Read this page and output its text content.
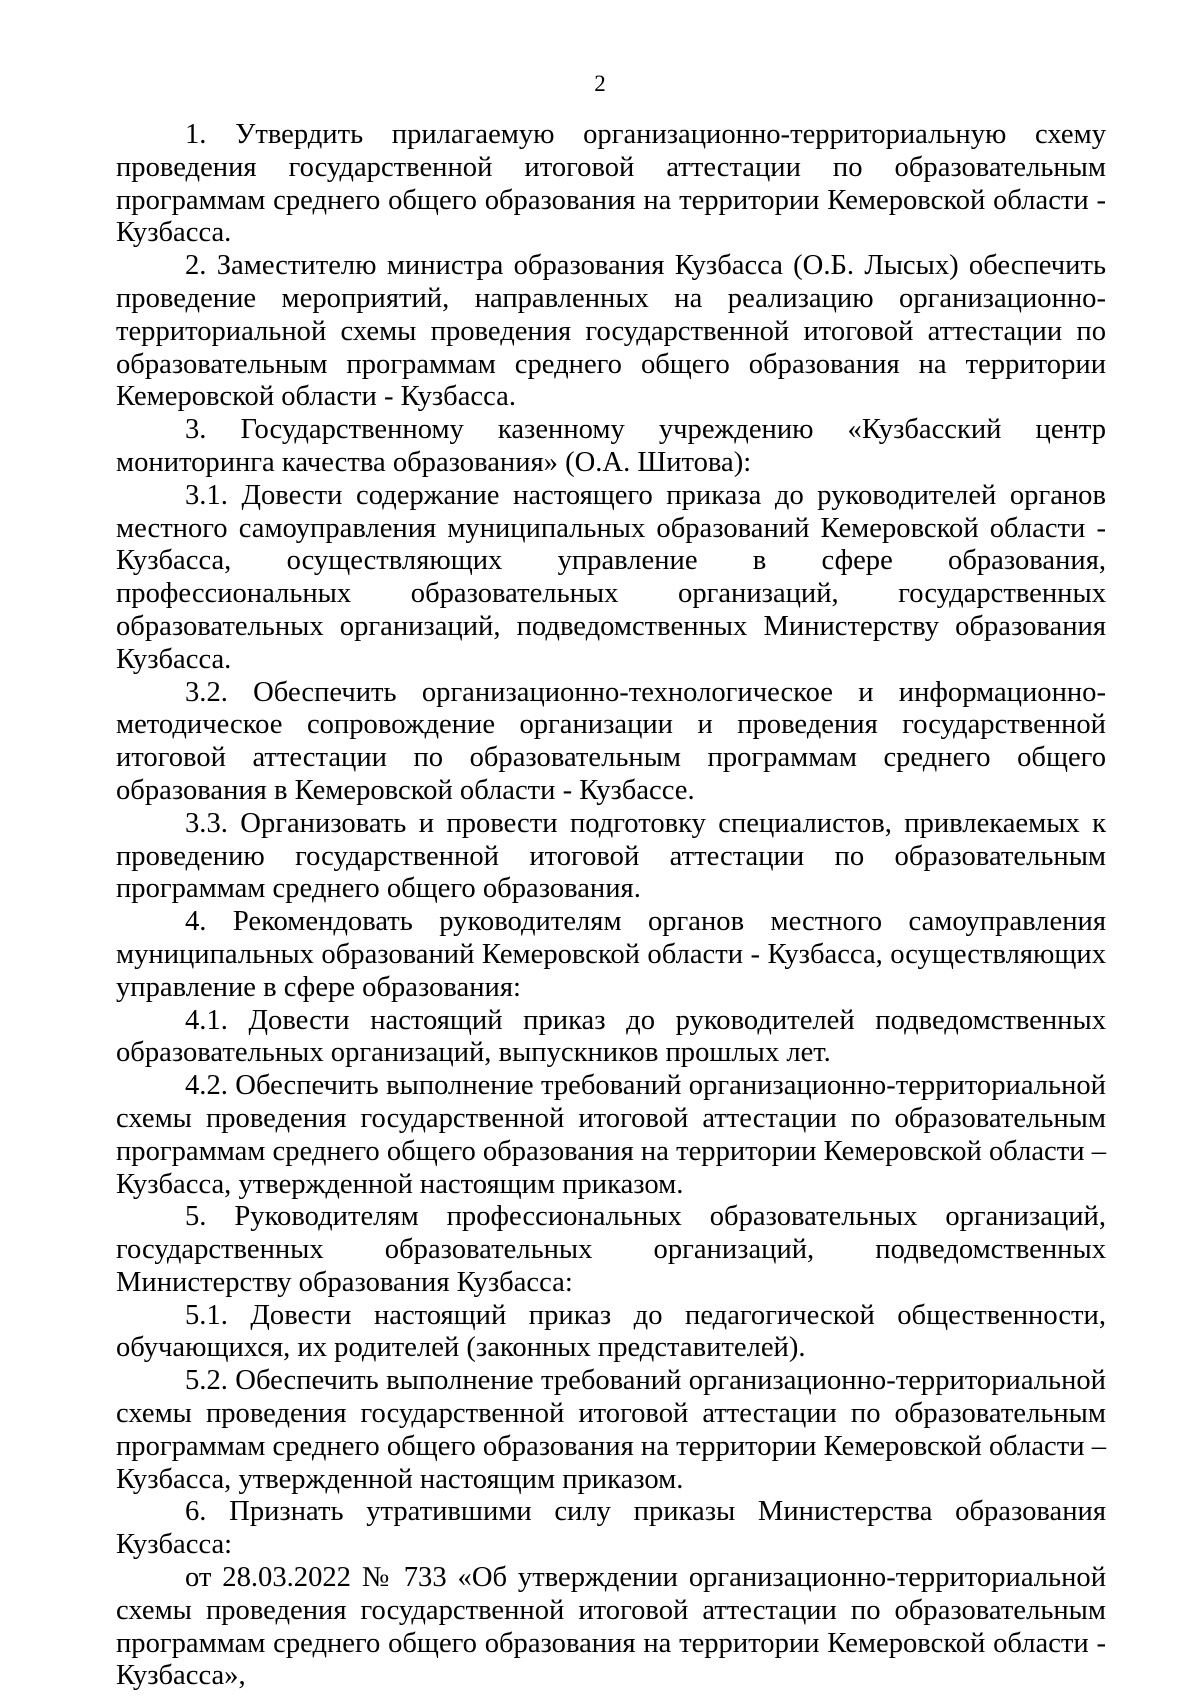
2

1. Утвердить прилагаемую организационно-территориальную схему проведения государственной итоговой аттестации по образовательным программам среднего общего образования на территории Кемеровской области - Кузбасса.

2. Заместителю министра образования Кузбасса (О.Б. Лысых) обеспечить проведение мероприятий, направленных на реализацию организационно-территориальной схемы проведения государственной итоговой аттестации по образовательным программам среднего общего образования на территории Кемеровской области - Кузбасса.

3. Государственному казенному учреждению «Кузбасский центр мониторинга качества образования» (О.А. Шитова):

3.1. Довести содержание настоящего приказа до руководителей органов местного самоуправления муниципальных образований Кемеровской области - Кузбасса, осуществляющих управление в сфере образования, профессиональных образовательных организаций, государственных образовательных организаций, подведомственных Министерству образования Кузбасса.

3.2. Обеспечить организационно-технологическое и информационно-методическое сопровождение организации и проведения государственной итоговой аттестации по образовательным программам среднего общего образования в Кемеровской области - Кузбассе.

3.3. Организовать и провести подготовку специалистов, привлекаемых к проведению государственной итоговой аттестации по образовательным программам среднего общего образования.

4. Рекомендовать руководителям органов местного самоуправления муниципальных образований Кемеровской области - Кузбасса, осуществляющих управление в сфере образования:

4.1. Довести настоящий приказ до руководителей подведомственных образовательных организаций, выпускников прошлых лет.

4.2. Обеспечить выполнение требований организационно-территориальной схемы проведения государственной итоговой аттестации по образовательным программам среднего общего образования на территории Кемеровской области – Кузбасса, утвержденной настоящим приказом.

5. Руководителям профессиональных образовательных организаций, государственных образовательных организаций, подведомственных Министерству образования Кузбасса:

5.1. Довести настоящий приказ до педагогической общественности, обучающихся, их родителей (законных представителей).

5.2. Обеспечить выполнение требований организационно-территориальной схемы проведения государственной итоговой аттестации по образовательным программам среднего общего образования на территории Кемеровской области – Кузбасса, утвержденной настоящим приказом.

6. Признать утратившими силу приказы Министерства образования Кузбасса:

от 28.03.2022 № 733 «Об утверждении организационно-территориальной схемы проведения государственной итоговой аттестации по образовательным программам среднего общего образования на территории Кемеровской области - Кузбасса»,
